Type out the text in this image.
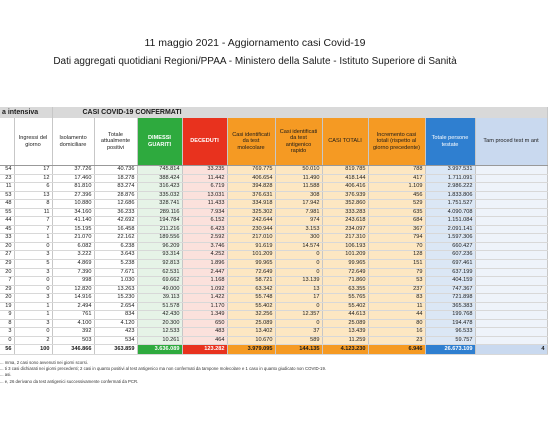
11 maggio 2021 - Aggiornamento casi Covid-19
Dati aggregati quotidiani Regioni/PPAA - Ministero della Salute - Istituto Superiore di Sanità
a intensiva		CASI COVID-19 CONFERMATI									
	Ingressi del giorno	Isolamento domiciliare	Totale attualmente positivi	DIMESSI GUARITI	DECEDUTI	Casi identificati da test molecolare	Casi identificati da test antigenico rapido	CASI TOTALI	Incremento casi totali (rispetto al giorno precedente)	Totale persone testate	Tam proced test m ant
54	17	37.726	40.736	745.814	33.235	769.775	50.010	819.785	788	3.997.531	
23	12	17.460	18.278	388.424	11.442	406.654	11.490	418.144	417	1.711.091	
11	6	81.810	83.274	316.423	6.719	394.828	11.588	406.416	1.109	2.986.222	
53	13	27.396	28.876	335.032	13.031	376.631	308	376.939	456	1.833.806	
48	8	10.880	12.686	328.741	11.433	334.918	17.942	352.860	529	1.751.527	
55	11	34.160	36.233	289.116	7.934	325.302	7.981	333.283	635	4.090.708	
44	7	41.140	42.692	194.784	6.152	242.644	974	243.618	684	1.151.084	
45	7	15.195	16.458	211.216	6.423	230.944	3.153	234.097	367	2.091.141	
33	1	21.070	22.162	189.556	2.592	217.010	300	217.310	794	1.597.306	
20	0	6.082	6.238	96.209	3.746	91.619	14.574	106.193	70	660.427	
27	3	3.222	3.643	93.314	4.252	101.209	0	101.209	128	607.236	
29	5	4.869	5.238	92.813	1.896	99.965	0	99.965	151	697.461	
20	3	7.390	7.671	62.531	2.447	72.649	0	72.649	79	637.199	
7	0	998	1.030	69.662	1.168	58.721	13.139	71.860	53	404.159	
29	0	12.820	13.263	49.000	1.092	63.342	13	63.355	237	747.367	
20	3	14.916	15.230	39.113	1.422	55.748	17	55.765	83	721.898	
19	1	2.494	2.654	51.578	1.170	55.402	0	55.402	11	365.383	
9	1	761	834	42.430	1.349	32.256	12.357	44.613	44	199.768	
8	3	4.100	4.120	20.300	650	25.089	0	25.089	80	194.478	
3	0	392	423	12.533	483	13.402	37	13.439	16	96.533	
0	2	503	534	10.261	464	10.670	589	11.259	23	59.757	
56	100	346.866	363.859	3.636.089	123.282	3.979.095	144.135	4.123.230	6.946	26.673.109	4
... mma, 2 casi sono avvenuti nei giorni scorsi.
... ti 3 casi dichiarati nei giorni precedenti; 2 casi in quanto positivi al test antigenico ma non confermati da tampone molecolare e 1 caso in quanto giudicato non COVID-19.
... asi.
... e, 26 derivano da test antigenici successivamente confermati da PCR.
